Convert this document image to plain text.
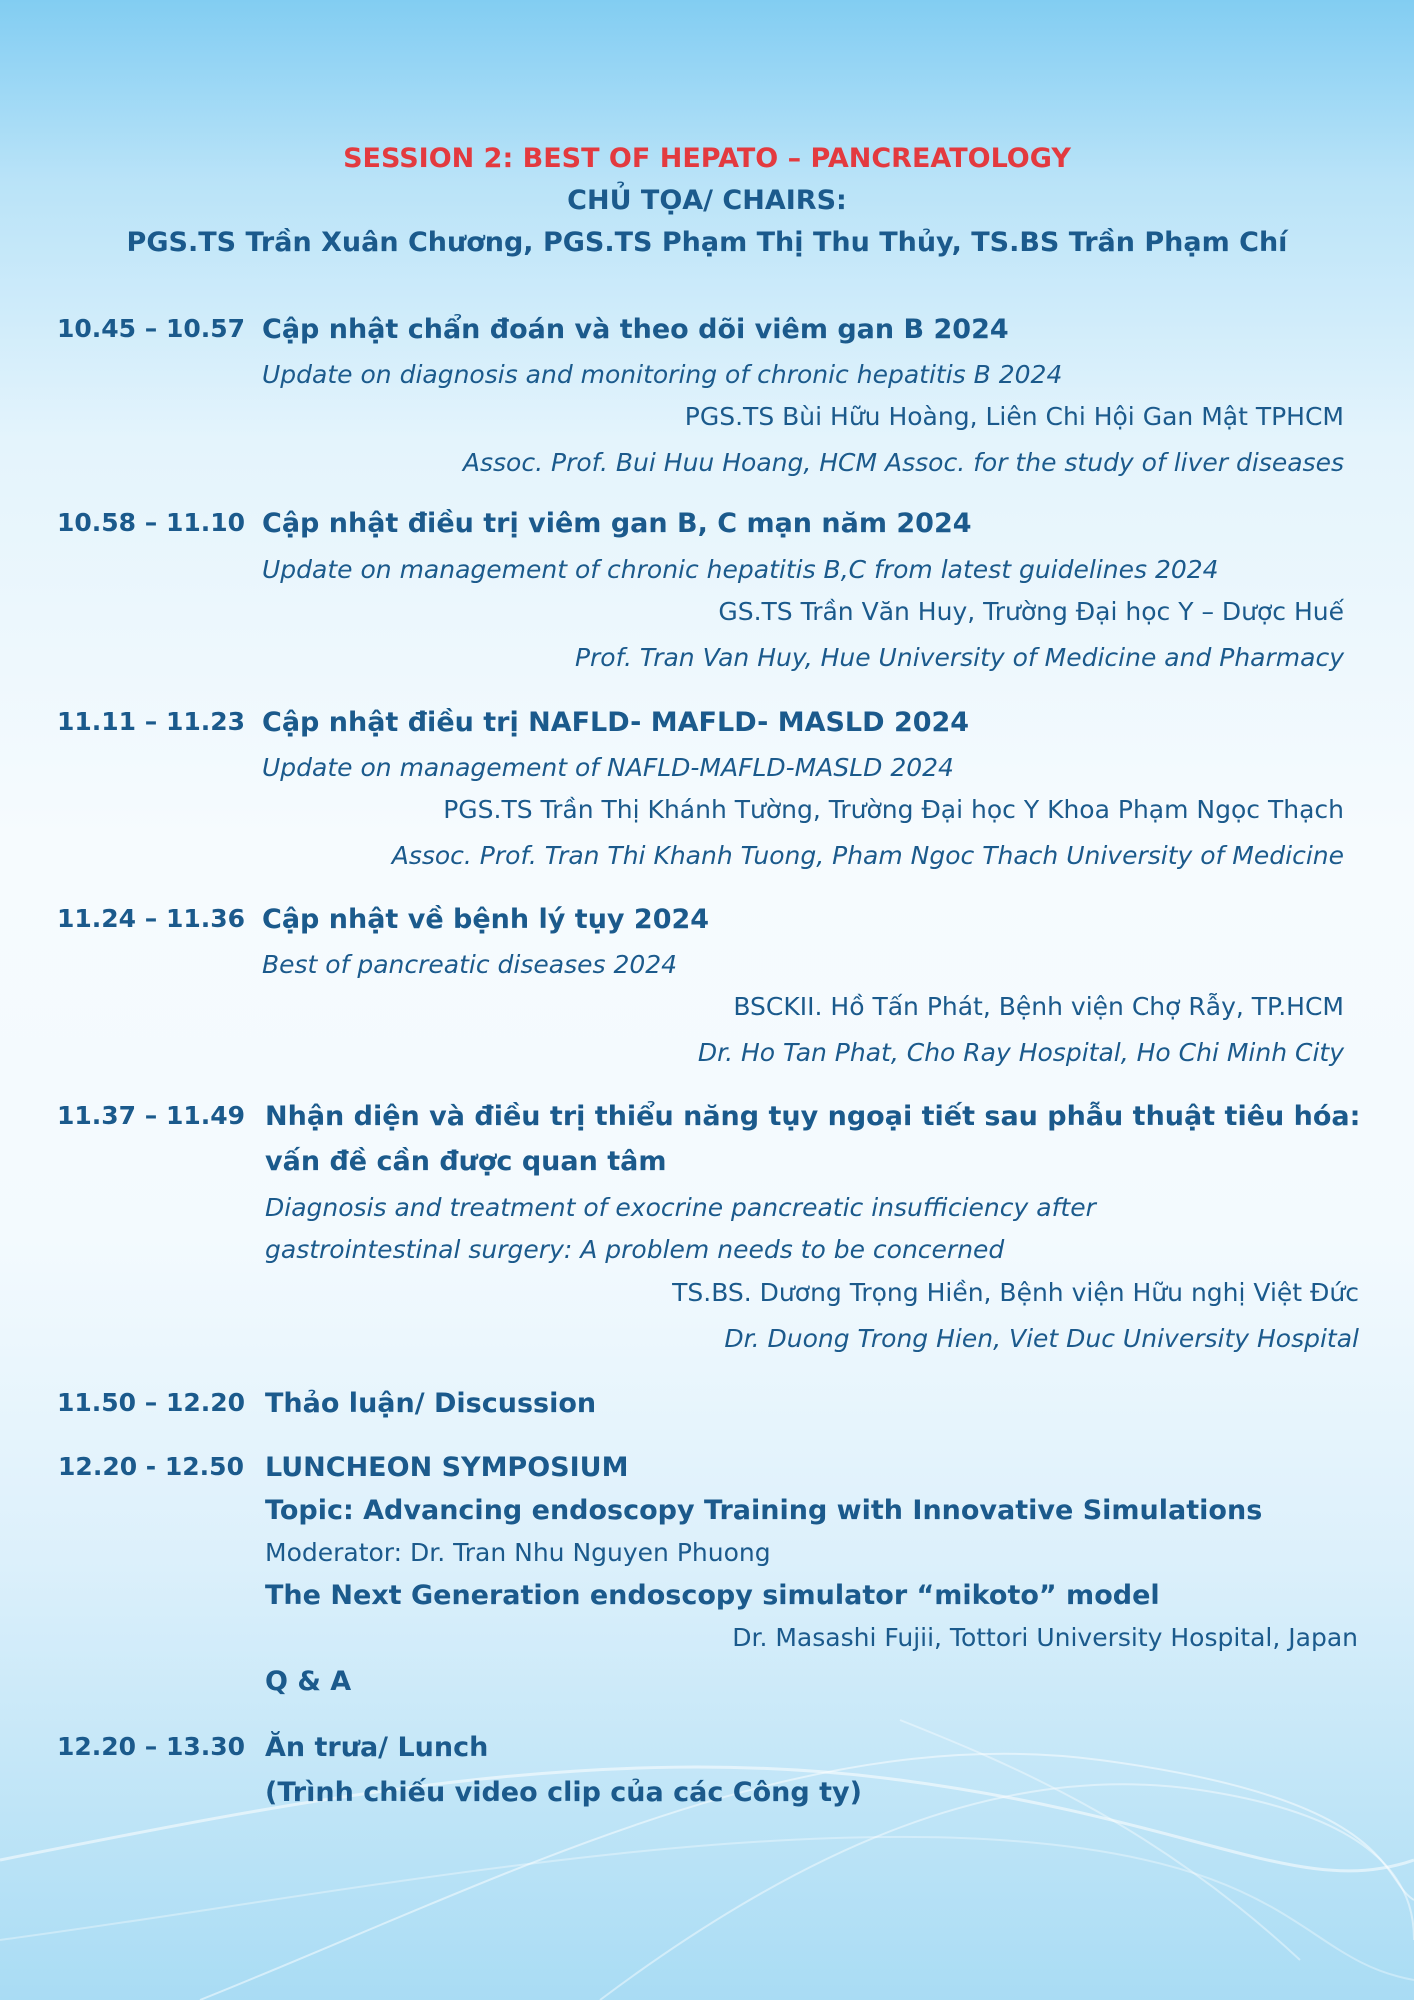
SESSION 2: BEST OF HEPATO – PANCREATOLOGY
CHỦ TỌA/ CHAIRS:
PGS.TS Trần Xuân Chương, PGS.TS Phạm Thị Thu Thủy, TS.BS Trần Phạm Chí
10.45 – 10.57 Cập nhật chẩn đoán và theo dõi viêm gan B 2024
Update on diagnosis and monitoring of chronic hepatitis B 2024
PGS.TS Bùi Hữu Hoàng, Liên Chi Hội Gan Mật TPHCM
Assoc. Prof. Bui Huu Hoang, HCM Assoc. for the study of liver diseases
10.58 – 11.10 Cập nhật điều trị viêm gan B, C mạn năm 2024
Update on management of chronic hepatitis B,C from latest guidelines 2024
GS.TS Trần Văn Huy, Trường Đại học Y – Dược Huế
Prof. Tran Van Huy, Hue University of Medicine and Pharmacy
11.11 – 11.23 Cập nhật điều trị NAFLD- MAFLD- MASLD 2024
Update on management of NAFLD-MAFLD-MASLD 2024
PGS.TS Trần Thị Khánh Tường, Trường Đại học Y Khoa Phạm Ngọc Thạch
Assoc. Prof. Tran Thi Khanh Tuong, Pham Ngoc Thach University of Medicine
11.24 – 11.36 Cập nhật về bệnh lý tụy 2024
Best of pancreatic diseases 2024
BSCKII. Hồ Tấn Phát, Bệnh viện Chợ Rẫy, TP.HCM
Dr. Ho Tan Phat, Cho Ray Hospital, Ho Chi Minh City
11.37 – 11.49 Nhận diện và điều trị thiểu năng tụy ngoại tiết sau phẫu thuật tiêu hóa:
vấn đề cần được quan tâm
Diagnosis and treatment of exocrine pancreatic insufficiency after
gastrointestinal surgery: A problem needs to be concerned
TS.BS. Dương Trọng Hiền, Bệnh viện Hữu nghị Việt Đức
Dr. Duong Trong Hien, Viet Duc University Hospital
11.50 – 12.20 Thảo luận/ Discussion
12.20 - 12.50 LUNCHEON SYMPOSIUM
Topic: Advancing endoscopy Training with Innovative Simulations
Moderator: Dr. Tran Nhu Nguyen Phuong
The Next Generation endoscopy simulator “mikoto” model
Dr. Masashi Fujii, Tottori University Hospital, Japan
Q & A
12.20 – 13.30 Ăn trưa/ Lunch
(Trình chiếu video clip của các Công ty)
